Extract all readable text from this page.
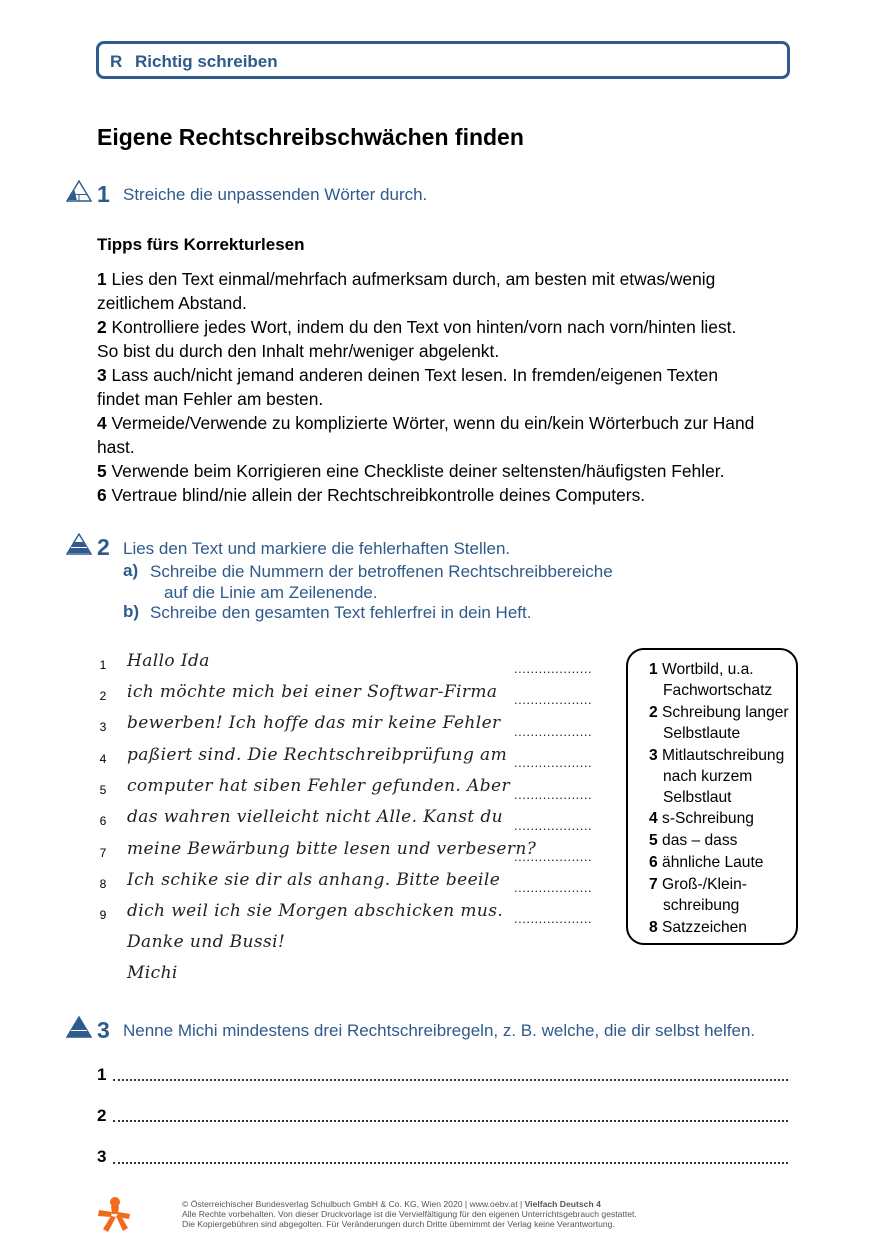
R Richtig schreiben
Eigene Rechtschreibschwächen finden
1 Streiche die unpassenden Wörter durch.
Tipps fürs Korrekturlesen
1 Lies den Text einmal/mehrfach aufmerksam durch, am besten mit etwas/wenig
zeitlichem Abstand.
2 Kontrolliere jedes Wort, indem du den Text von hinten/vorn nach vorn/hinten liest.
So bist du durch den Inhalt mehr/weniger abgelenkt.
3 Lass auch/nicht jemand anderen deinen Text lesen. In fremden/eigenen Texten
findet man Fehler am besten.
4 Vermeide/Verwende zu komplizierte Wörter, wenn du ein/kein Wörterbuch zur Hand
hast.
5 Verwende beim Korrigieren eine Checkliste deiner seltensten/häufigsten Fehler.
6 Vertraue blind/nie allein der Rechtschreibkontrolle deines Computers.
2 Lies den Text und markiere die fehlerhaften Stellen.
a) Schreibe die Nummern der betroffenen Rechtschreibbereiche
auf die Linie am Zeilenende.
b) Schreibe den gesamten Text fehlerfrei in dein Heft.
1
2
3
4
5
6
7
8
9
Hallo Ida
ich möchte mich bei einer Softwar-Firma
bewerben! Ich hoffe das mir keine Fehler
paßiert sind. Die Rechtschreibprüfung am
computer hat siben Fehler gefunden. Aber
das wahren vielleicht nicht Alle. Kanst du
meine Bewärbung bitte lesen und verbesern?
Ich schike sie dir als anhang. Bitte beeile
dich weil ich sie Morgen abschicken mus.
Danke und Bussi!
Michi
...................
...................
...................
...................
...................
...................
...................
...................
...................
1 Wortbild, u.a.
Fachwortschatz
2 Schreibung langer
Selbstlaute
3 Mitlautschreibung
nach kurzem
Selbstlaut
4 s-Schreibung
5 das – dass
6 ähnliche Laute
7 Groß-/Klein-
schreibung
8 Satzzeichen
3 Nenne Michi mindestens drei Rechtschreibregeln, z. B. welche, die dir selbst helfen.
1
2
3
© Österreichischer Bundesverlag Schulbuch GmbH & Co. KG, Wien 2020 | www.oebv.at | Vielfach Deutsch 4
Alle Rechte vorbehalten. Von dieser Druckvorlage ist die Vervielfältigung für den eigenen Unterrichtsgebrauch gestattet.
Die Kopiergebühren sind abgegolten. Für Veränderungen durch Dritte übernimmt der Verlag keine Verantwortung.
